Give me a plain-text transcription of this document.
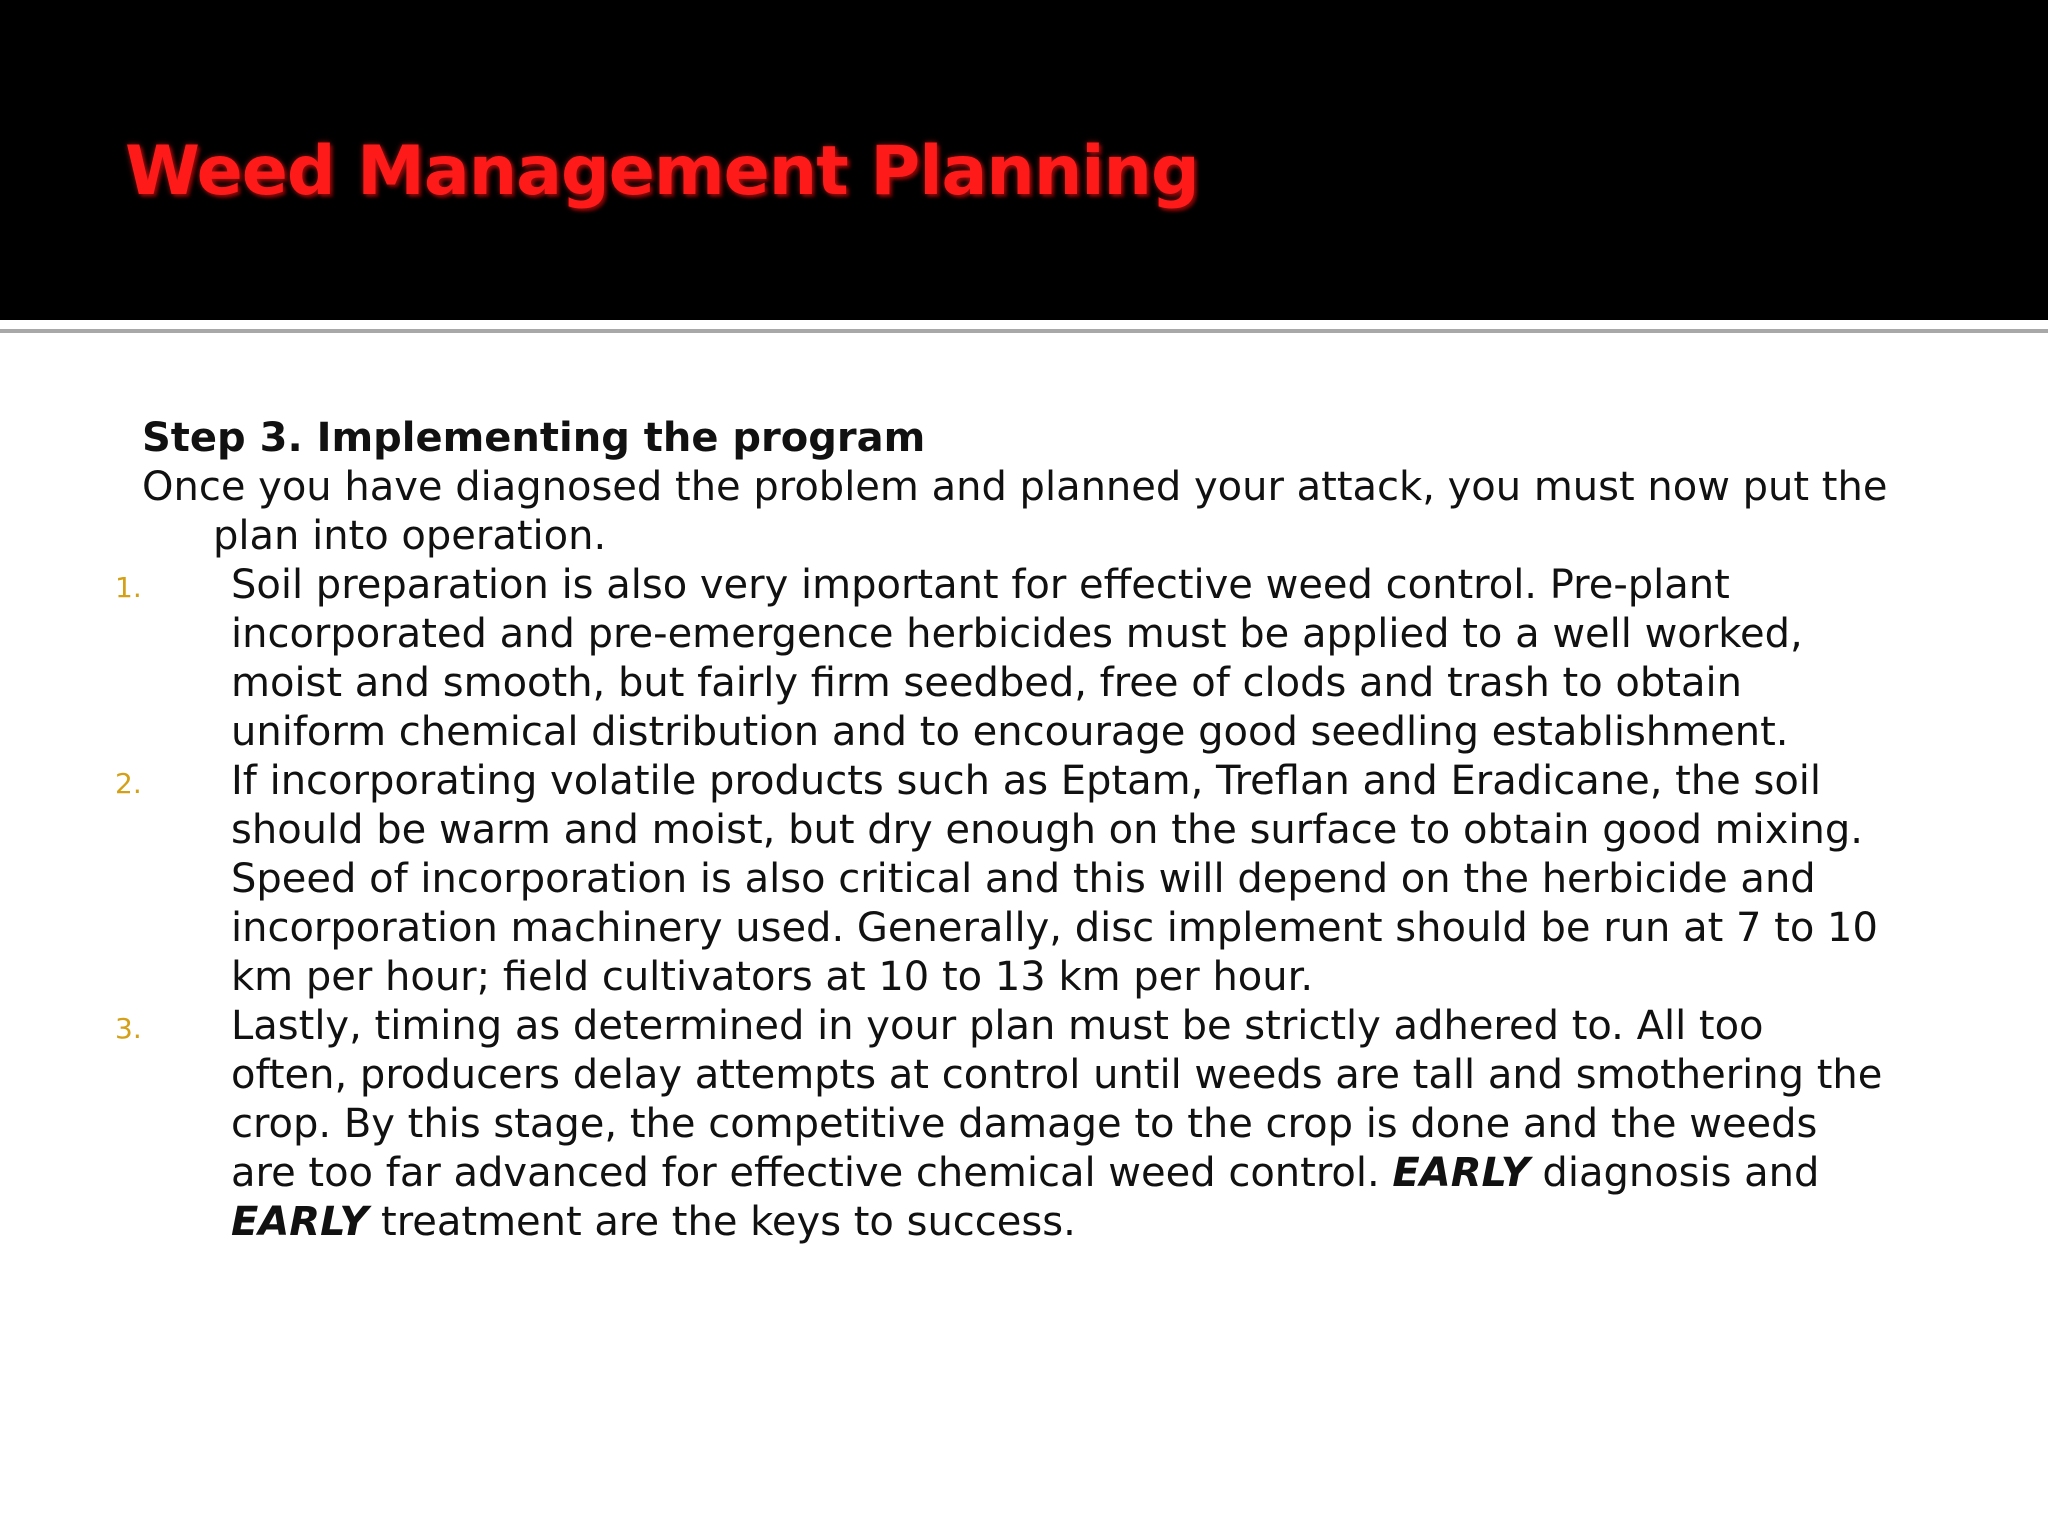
Weed Management Planning

Step 3. Implementing the program

Once you have diagnosed the problem and planned your attack, you must now put the plan into operation.

1. Soil preparation is also very important for effective weed control. Pre-plant incorporated and pre-emergence herbicides must be applied to a well worked, moist and smooth, but fairly firm seedbed, free of clods and trash to obtain uniform chemical distribution and to encourage good seedling establishment.
2. If incorporating volatile products such as Eptam, Treflan and Eradicane, the soil should be warm and moist, but dry enough on the surface to obtain good mixing. Speed of incorporation is also critical and this will depend on the herbicide and incorporation machinery used. Generally, disc implement should be run at 7 to 10 km per hour; field cultivators at 10 to 13 km per hour.
3. Lastly, timing as determined in your plan must be strictly adhered to. All too often, producers delay attempts at control until weeds are tall and smothering the crop. By this stage, the competitive damage to the crop is done and the weeds are too far advanced for effective chemical weed control. EARLY diagnosis and EARLY treatment are the keys to success.
